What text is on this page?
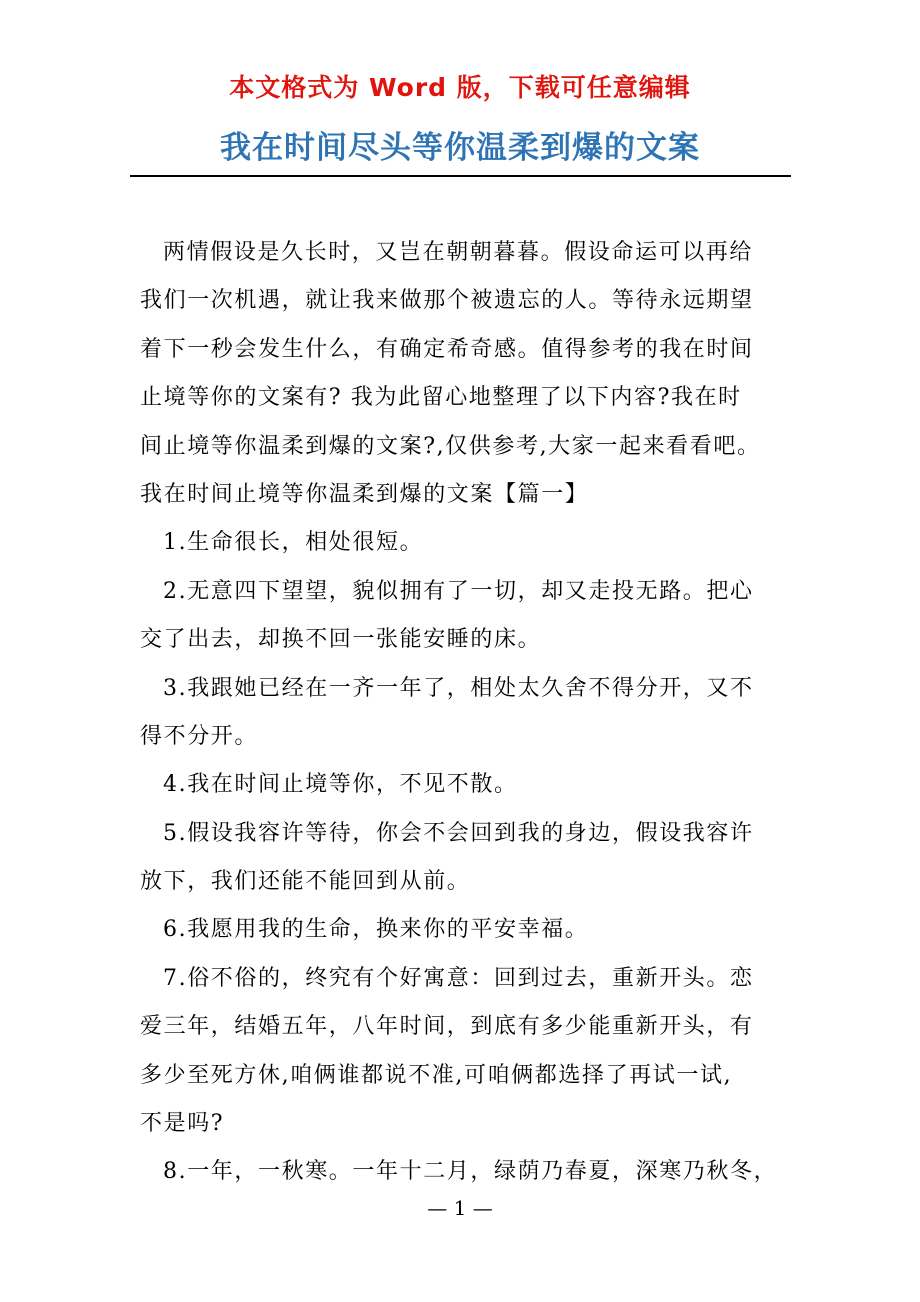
本文格式为 Word 版，下载可任意编辑
我在时间尽头等你温柔到爆的文案
两情假设是久长时，又岂在朝朝暮暮。假设命运可以再给
我们一次机遇，就让我来做那个被遗忘的人。等待永远期望
着下一秒会发生什么，有确定希奇感。值得参考的我在时间
止境等你的文案有? 我为此留心地整理了以下内容?我在时
间止境等你温柔到爆的文案?,仅供参考,大家一起来看看吧。
我在时间止境等你温柔到爆的文案【篇一】
1.生命很长，相处很短。
2.无意四下望望，貌似拥有了一切，却又走投无路。把心
交了出去，却换不回一张能安睡的床。
3.我跟她已经在一齐一年了，相处太久舍不得分开，又不
得不分开。
4.我在时间止境等你，不见不散。
5.假设我容许等待，你会不会回到我的身边，假设我容许
放下，我们还能不能回到从前。
6.我愿用我的生命，换来你的平安幸福。
7.俗不俗的，终究有个好寓意：回到过去，重新开头。恋
爱三年，结婚五年，八年时间，到底有多少能重新开头，有
多少至死方休,咱俩谁都说不准,可咱俩都选择了再试一试,
不是吗?
8.一年，一秋寒。一年十二月，绿荫乃春夏，深寒乃秋冬，
— 1 —
